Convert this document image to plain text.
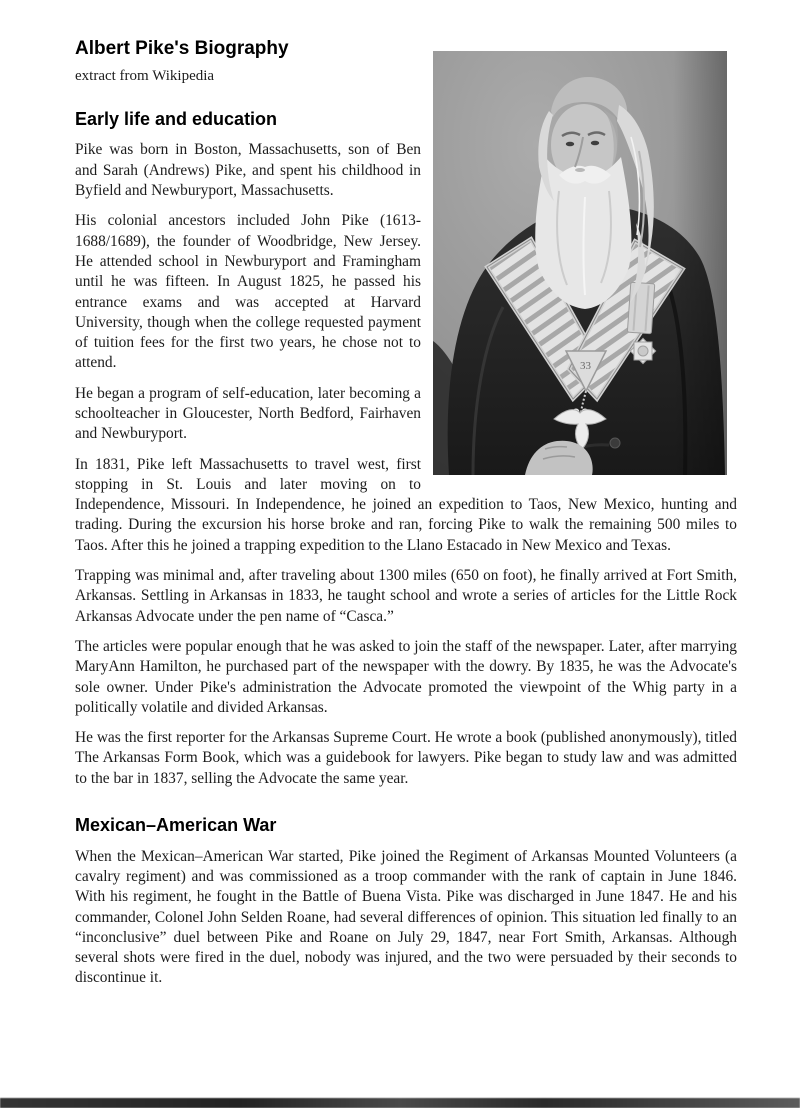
33
Albert Pike's Biography

extract from Wikipedia

Early life and education

Pike was born in Boston, Massachusetts, son of Ben and Sarah (Andrews) Pike, and spent his childhood in Byfield and Newburyport, Massachusetts.

His colonial ancestors included John Pike (1613-1688/1689), the founder of Woodbridge, New Jersey. He attended school in Newburyport and Framingham until he was fifteen. In August 1825, he passed his entrance exams and was accepted at Harvard University, though when the college requested payment of tuition fees for the first two years, he chose not to attend.

He began a program of self-education, later becoming a schoolteacher in Gloucester, North Bedford, Fairhaven and Newburyport.

In 1831, Pike left Massachusetts to travel west, first stopping in St. Louis and later moving on to Independence, Missouri. In Independence, he joined an expedition to Taos, New Mexico, hunting and trading. During the excursion his horse broke and ran, forcing Pike to walk the remaining 500 miles to Taos. After this he joined a trapping expedition to the Llano Estacado in New Mexico and Texas.

Trapping was minimal and, after traveling about 1300 miles (650 on foot), he finally arrived at Fort Smith, Arkansas. Settling in Arkansas in 1833, he taught school and wrote a series of articles for the Little Rock Arkansas Advocate under the pen name of “Casca.”

The articles were popular enough that he was asked to join the staff of the newspaper. Later, after marrying MaryAnn Hamilton, he purchased part of the newspaper with the dowry. By 1835, he was the Advocate's sole owner. Under Pike's administration the Advocate promoted the viewpoint of the Whig party in a politically volatile and divided Arkansas.

He was the first reporter for the Arkansas Supreme Court. He wrote a book (published anonymously), titled The Arkansas Form Book, which was a guidebook for lawyers. Pike began to study law and was admitted to the bar in 1837, selling the Advocate the same year.

Mexican–American War

When the Mexican–American War started, Pike joined the Regiment of Arkansas Mounted Volunteers (a cavalry regiment) and was commissioned as a troop commander with the rank of captain in June 1846. With his regiment, he fought in the Battle of Buena Vista. Pike was discharged in June 1847. He and his commander, Colonel John Selden Roane, had several differences of opinion. This situation led finally to an “inconclusive” duel between Pike and Roane on July 29, 1847, near Fort Smith, Arkansas. Although several shots were fired in the duel, nobody was injured, and the two were persuaded by their seconds to discontinue it.
